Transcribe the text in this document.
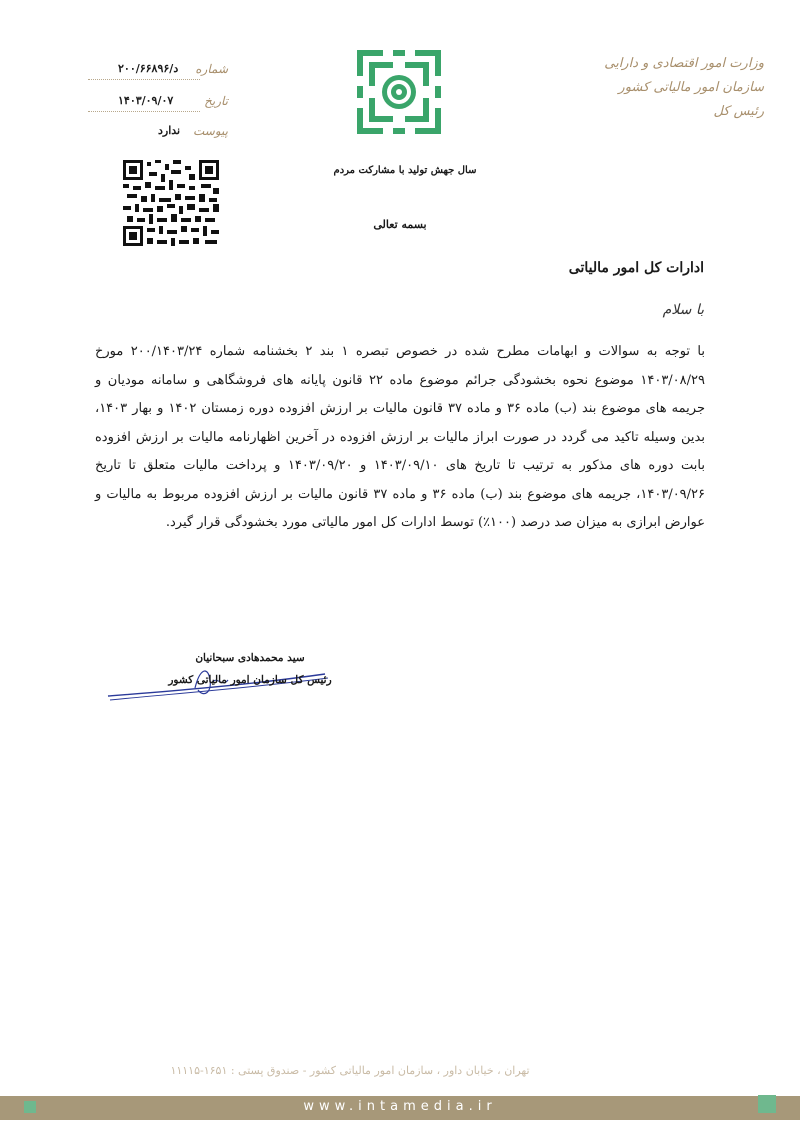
وزارت امور اقتصادی و دارایی
سازمان امور مالیاتی کشور
رئیس کل
شماره
د/۲۰۰/۶۶۸۹۶
تاریخ
۱۴۰۳/۰۹/۰۷
پیوست
ندارد
سال جهش تولید با مشارکت مردم
بسمه تعالی
ادارات کل امور مالیاتی
با سلام
با توجه به سوالات و ابهامات مطرح شده در خصوص تبصره ۱ بند ۲ بخشنامه شماره ۲۰۰/۱۴۰۳/۲۴ مورخ ۱۴۰۳/۰۸/۲۹ موضوع نحوه بخشودگی جرائم موضوع ماده ۲۲ قانون پایانه های فروشگاهی و سامانه مودیان و جریمه های موضوع بند (ب) ماده ۳۶ و ماده ۳۷ قانون مالیات بر ارزش افزوده دوره زمستان ۱۴۰۲ و بهار ۱۴۰۳، بدین وسیله تاکید می گردد در صورت ابراز مالیات بر ارزش افزوده در آخرین اظهارنامه مالیات بر ارزش افزوده بابت دوره های مذکور به ترتیب تا تاریخ های ۱۴۰۳/۰۹/۱۰ و ۱۴۰۳/۰۹/۲۰ و پرداخت مالیات متعلق تا تاریخ ۱۴۰۳/۰۹/۲۶، جریمه های موضوع بند (ب) ماده ۳۶ و ماده ۳۷ قانون مالیات بر ارزش افزوده مربوط به مالیات و عوارض ابرازی به میزان صد درصد (۱۰۰٪) توسط ادارات کل امور مالیاتی مورد بخشودگی قرار گیرد.
سید محمدهادی سبحانیان
رئیس کل سازمان امور مالیاتی کشور
تهران ، خیابان داور ، سازمان امور مالیاتی کشور - صندوق پستی : ۱۶۵۱-۱۱۱۱۵
www.intamedia.ir
